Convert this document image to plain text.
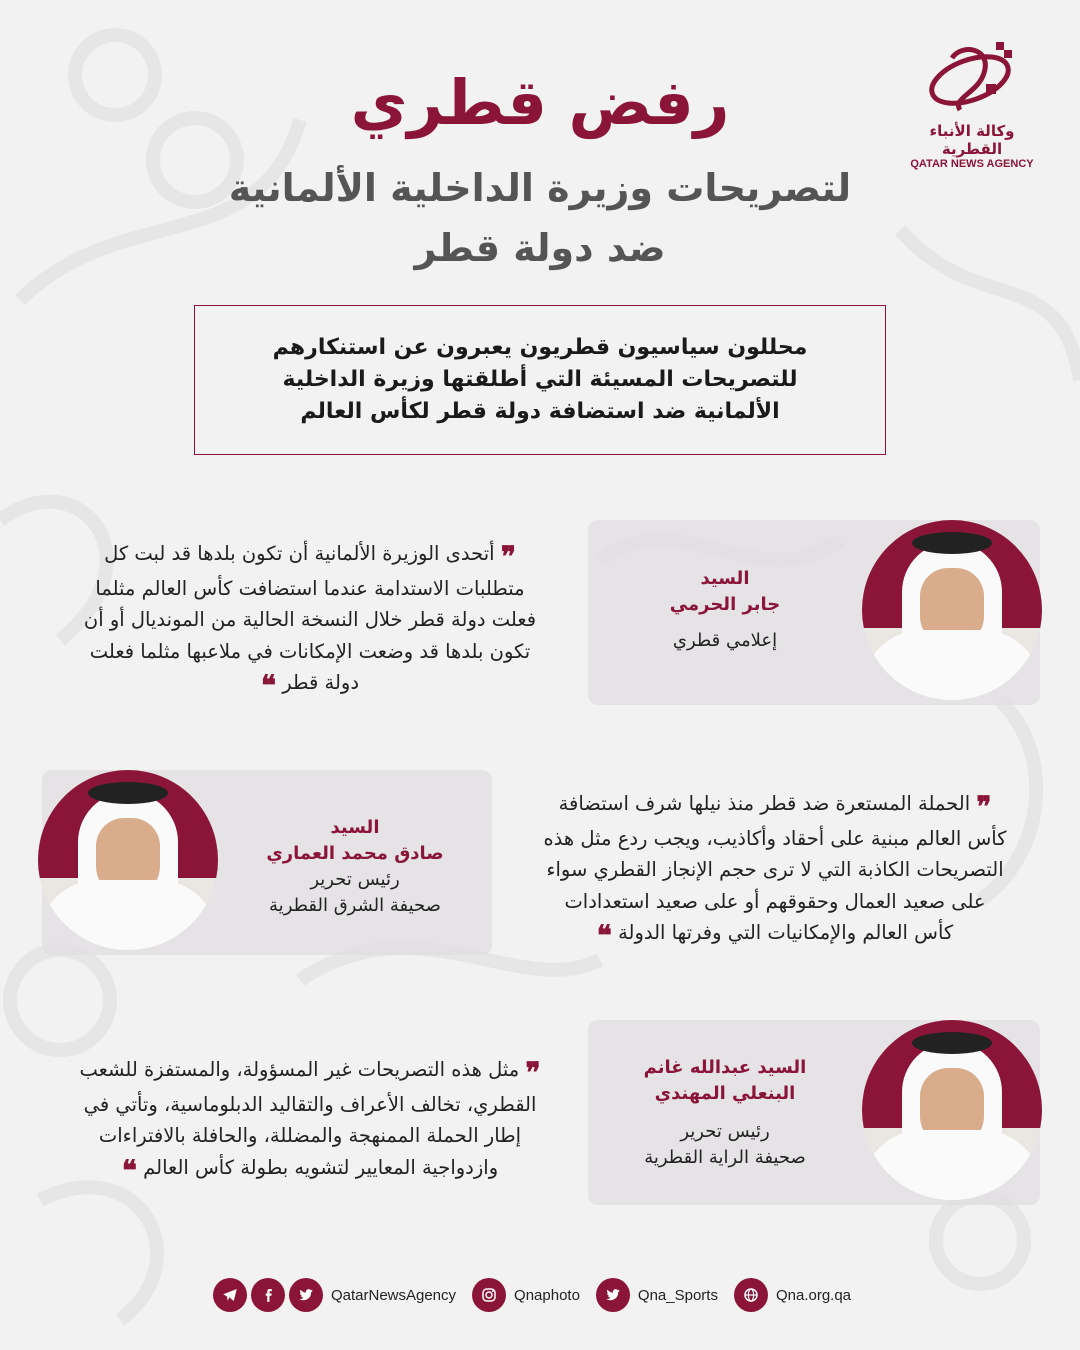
وكالة الأنباء القطرية
QATAR NEWS AGENCY
رفض قطري
لتصريحات وزيرة الداخلية الألمانية
ضد دولة قطر
محللون سياسيون قطريون يعبرون عن استنكارهم
للتصريحات المسيئة التي أطلقتها وزيرة الداخلية
الألمانية ضد استضافة دولة قطر لكأس العالم
السيد
جابر الحرمي
إعلامي قطري
❞ أتحدى الوزيرة الألمانية أن تكون بلدها قد لبت كل
متطلبات الاستدامة عندما استضافت كأس العالم مثلما
فعلت دولة قطر خلال النسخة الحالية من المونديال أو أن
تكون بلدها قد وضعت الإمكانات في ملاعبها مثلما فعلت
دولة قطر ❝
السيد
صادق محمد العماري
رئيس تحرير
صحيفة الشرق القطرية
❞ الحملة المستعرة ضد قطر منذ نيلها شرف استضافة
كأس العالم مبنية على أحقاد وأكاذيب، ويجب ردع مثل هذه
التصريحات الكاذبة التي لا ترى حجم الإنجاز القطري سواء
على صعيد العمال وحقوقهم أو على صعيد استعدادات
كأس العالم والإمكانيات التي وفرتها الدولة ❝
السيد عبدالله غانم
البنعلي المهندي
رئيس تحرير
صحيفة الراية القطرية
❞ مثل هذه التصريحات غير المسؤولة، والمستفزة للشعب
القطري، تخالف الأعراف والتقاليد الدبلوماسية، وتأتي في
إطار الحملة الممنهجة والمضللة، والحافلة بالافتراءات
وازدواجية المعايير لتشويه بطولة كأس العالم ❝
QatarNewsAgency	Qnaphoto	Qna_Sports	Qna.org.qa
